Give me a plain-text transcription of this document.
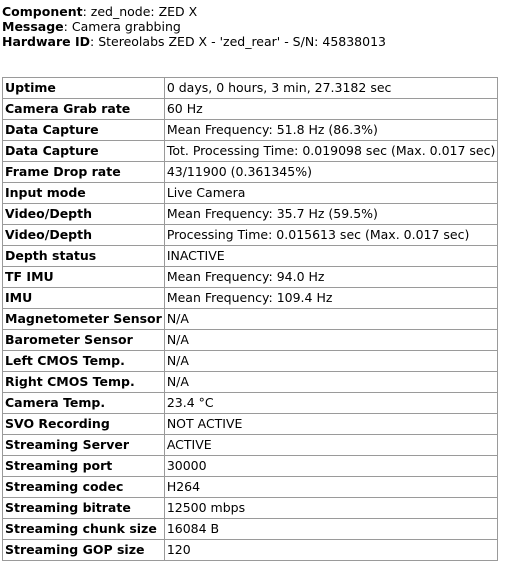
Component: zed_node: ZED X
Message: Camera grabbing
Hardware ID: Stereolabs ZED X - 'zed_rear' - S/N: 45838013
Uptime	0 days, 0 hours, 3 min, 27.3182 sec
Camera Grab rate	60 Hz
Data Capture	Mean Frequency: 51.8 Hz (86.3%)
Data Capture	Tot. Processing Time: 0.019098 sec (Max. 0.017 sec)
Frame Drop rate	43/11900 (0.361345%)
Input mode	Live Camera
Video/Depth	Mean Frequency: 35.7 Hz (59.5%)
Video/Depth	Processing Time: 0.015613 sec (Max. 0.017 sec)
Depth status	INACTIVE
TF IMU	Mean Frequency: 94.0 Hz
IMU	Mean Frequency: 109.4 Hz
Magnetometer Sensor	N/A
Barometer Sensor	N/A
Left CMOS Temp.	N/A
Right CMOS Temp.	N/A
Camera Temp.	23.4 °C
SVO Recording	NOT ACTIVE
Streaming Server	ACTIVE
Streaming port	30000
Streaming codec	H264
Streaming bitrate	12500 mbps
Streaming chunk size	16084 B
Streaming GOP size	120
